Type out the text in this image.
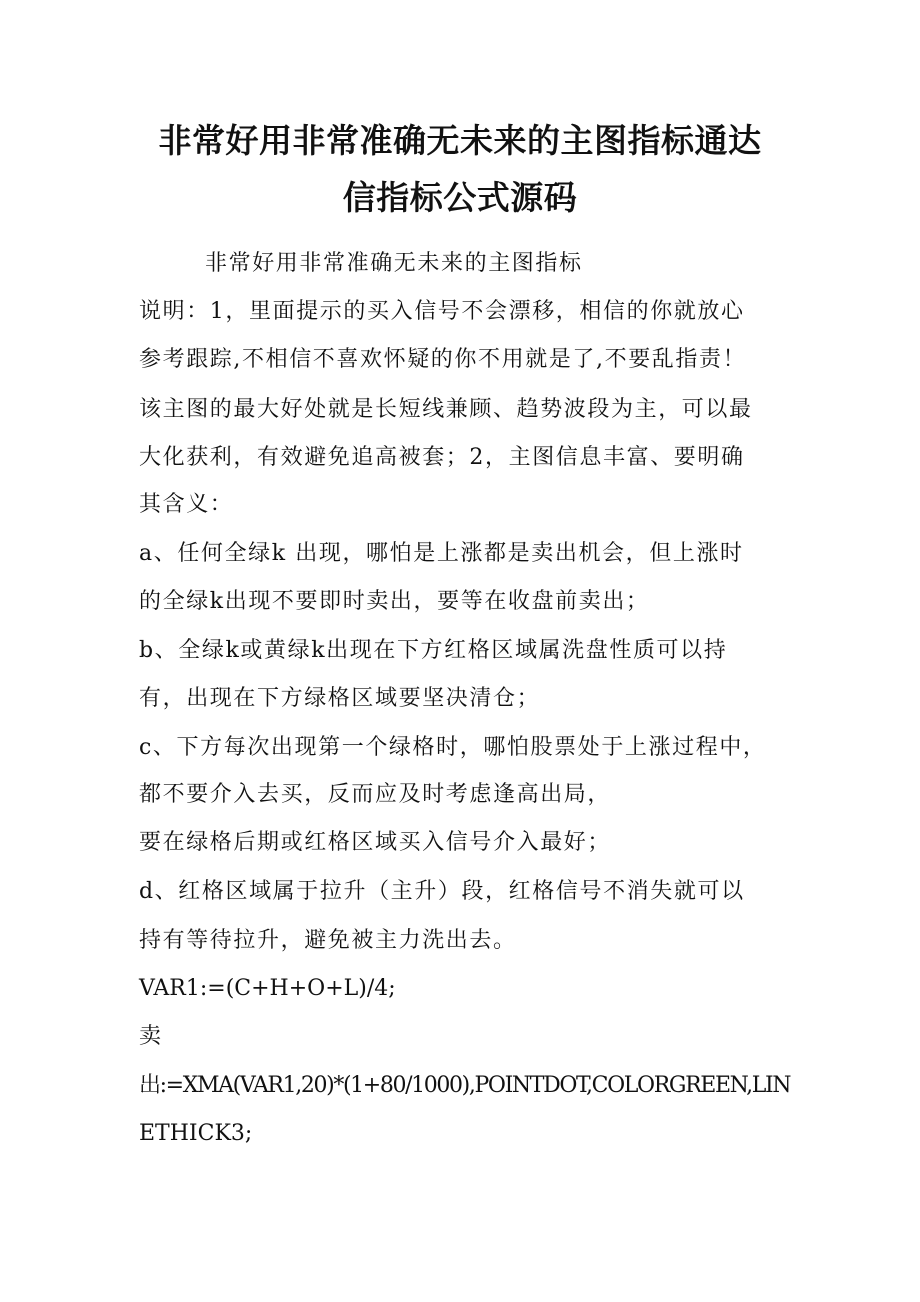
非常好用非常准确无未来的主图指标通达
信指标公式源码
非常好用非常准确无未来的主图指标
说明：1，里面提示的买入信号不会漂移，相信的你就放心
参考跟踪,不相信不喜欢怀疑的你不用就是了,不要乱指责！
该主图的最大好处就是长短线兼顾、趋势波段为主，可以最
大化获利，有效避免追高被套；2，主图信息丰富、要明确
其含义：
a、任何全绿k 出现，哪怕是上涨都是卖出机会，但上涨时
的全绿k出现不要即时卖出，要等在收盘前卖出；
b、全绿k或黄绿k出现在下方红格区域属洗盘性质可以持
有，出现在下方绿格区域要坚决清仓；
c、下方每次出现第一个绿格时，哪怕股票处于上涨过程中，
都不要介入去买，反而应及时考虑逢高出局，
要在绿格后期或红格区域买入信号介入最好；
d、红格区域属于拉升（主升）段，红格信号不消失就可以
持有等待拉升，避免被主力洗出去。
VAR1:=(C+H+O+L)/4;
卖
出:=XMA(VAR1,20)*(1+80/1000),POINTDOT,COLORGREEN,LIN
ETHICK3;
